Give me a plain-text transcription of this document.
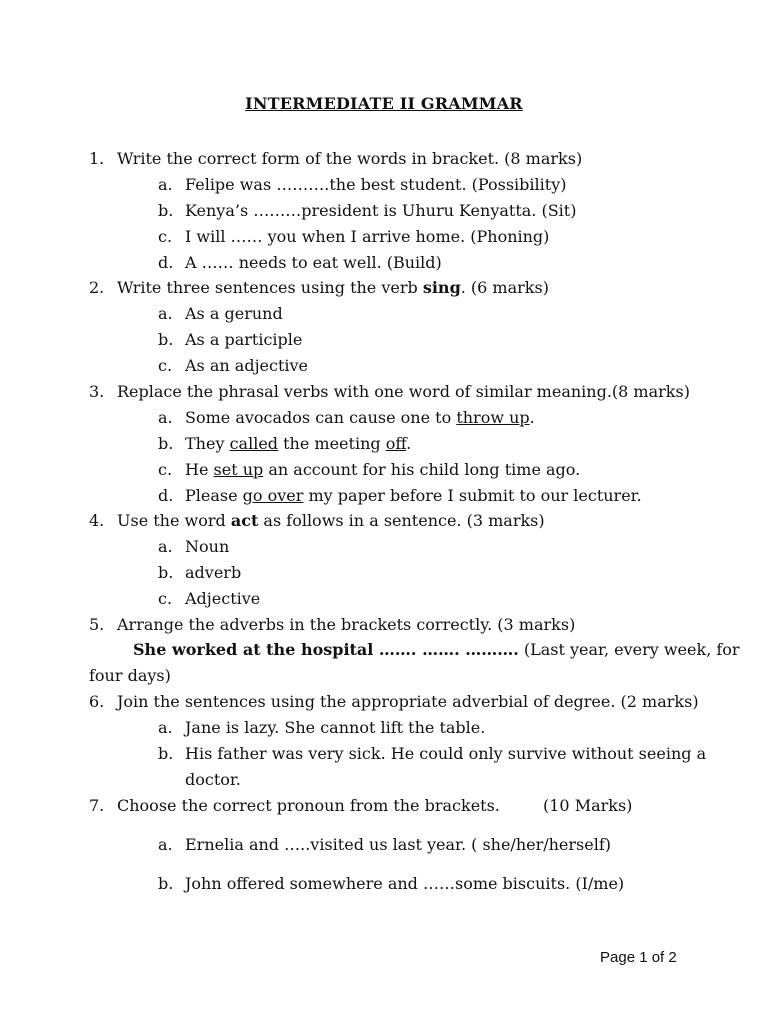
INTERMEDIATE II GRAMMAR
1. Write the correct form of the words in bracket. (8 marks)
a. Felipe was ……….the best student. (Possibility)
b. Kenya’s ………president is Uhuru Kenyatta. (Sit)
c. I will …… you when I arrive home. (Phoning)
d. A …… needs to eat well. (Build)
2. Write three sentences using the verb sing. (6 marks)
a. As a gerund
b. As a participle
c. As an adjective
3. Replace the phrasal verbs with one word of similar meaning.(8 marks)
a. Some avocados can cause one to throw up.
b. They called the meeting off.
c. He set up an account for his child long time ago.
d. Please go over my paper before I submit to our lecturer.
4. Use the word act as follows in a sentence. (3 marks)
a. Noun
b. adverb
c. Adjective
5. Arrange the adverbs in the brackets correctly. (3 marks)
She worked at the hospital ……. ……. ………. (Last year, every week, for
four days)
6. Join the sentences using the appropriate adverbial of degree. (2 marks)
a. Jane is lazy. She cannot lift the table.
b. His father was very sick. He could only survive without seeing a
doctor.
7. Choose the correct pronoun from the brackets.	(10 Marks)
a. Ernelia and …..visited us last year. ( she/her/herself)
b. John offered somewhere and ……some biscuits. (I/me)
Page 1 of 2
